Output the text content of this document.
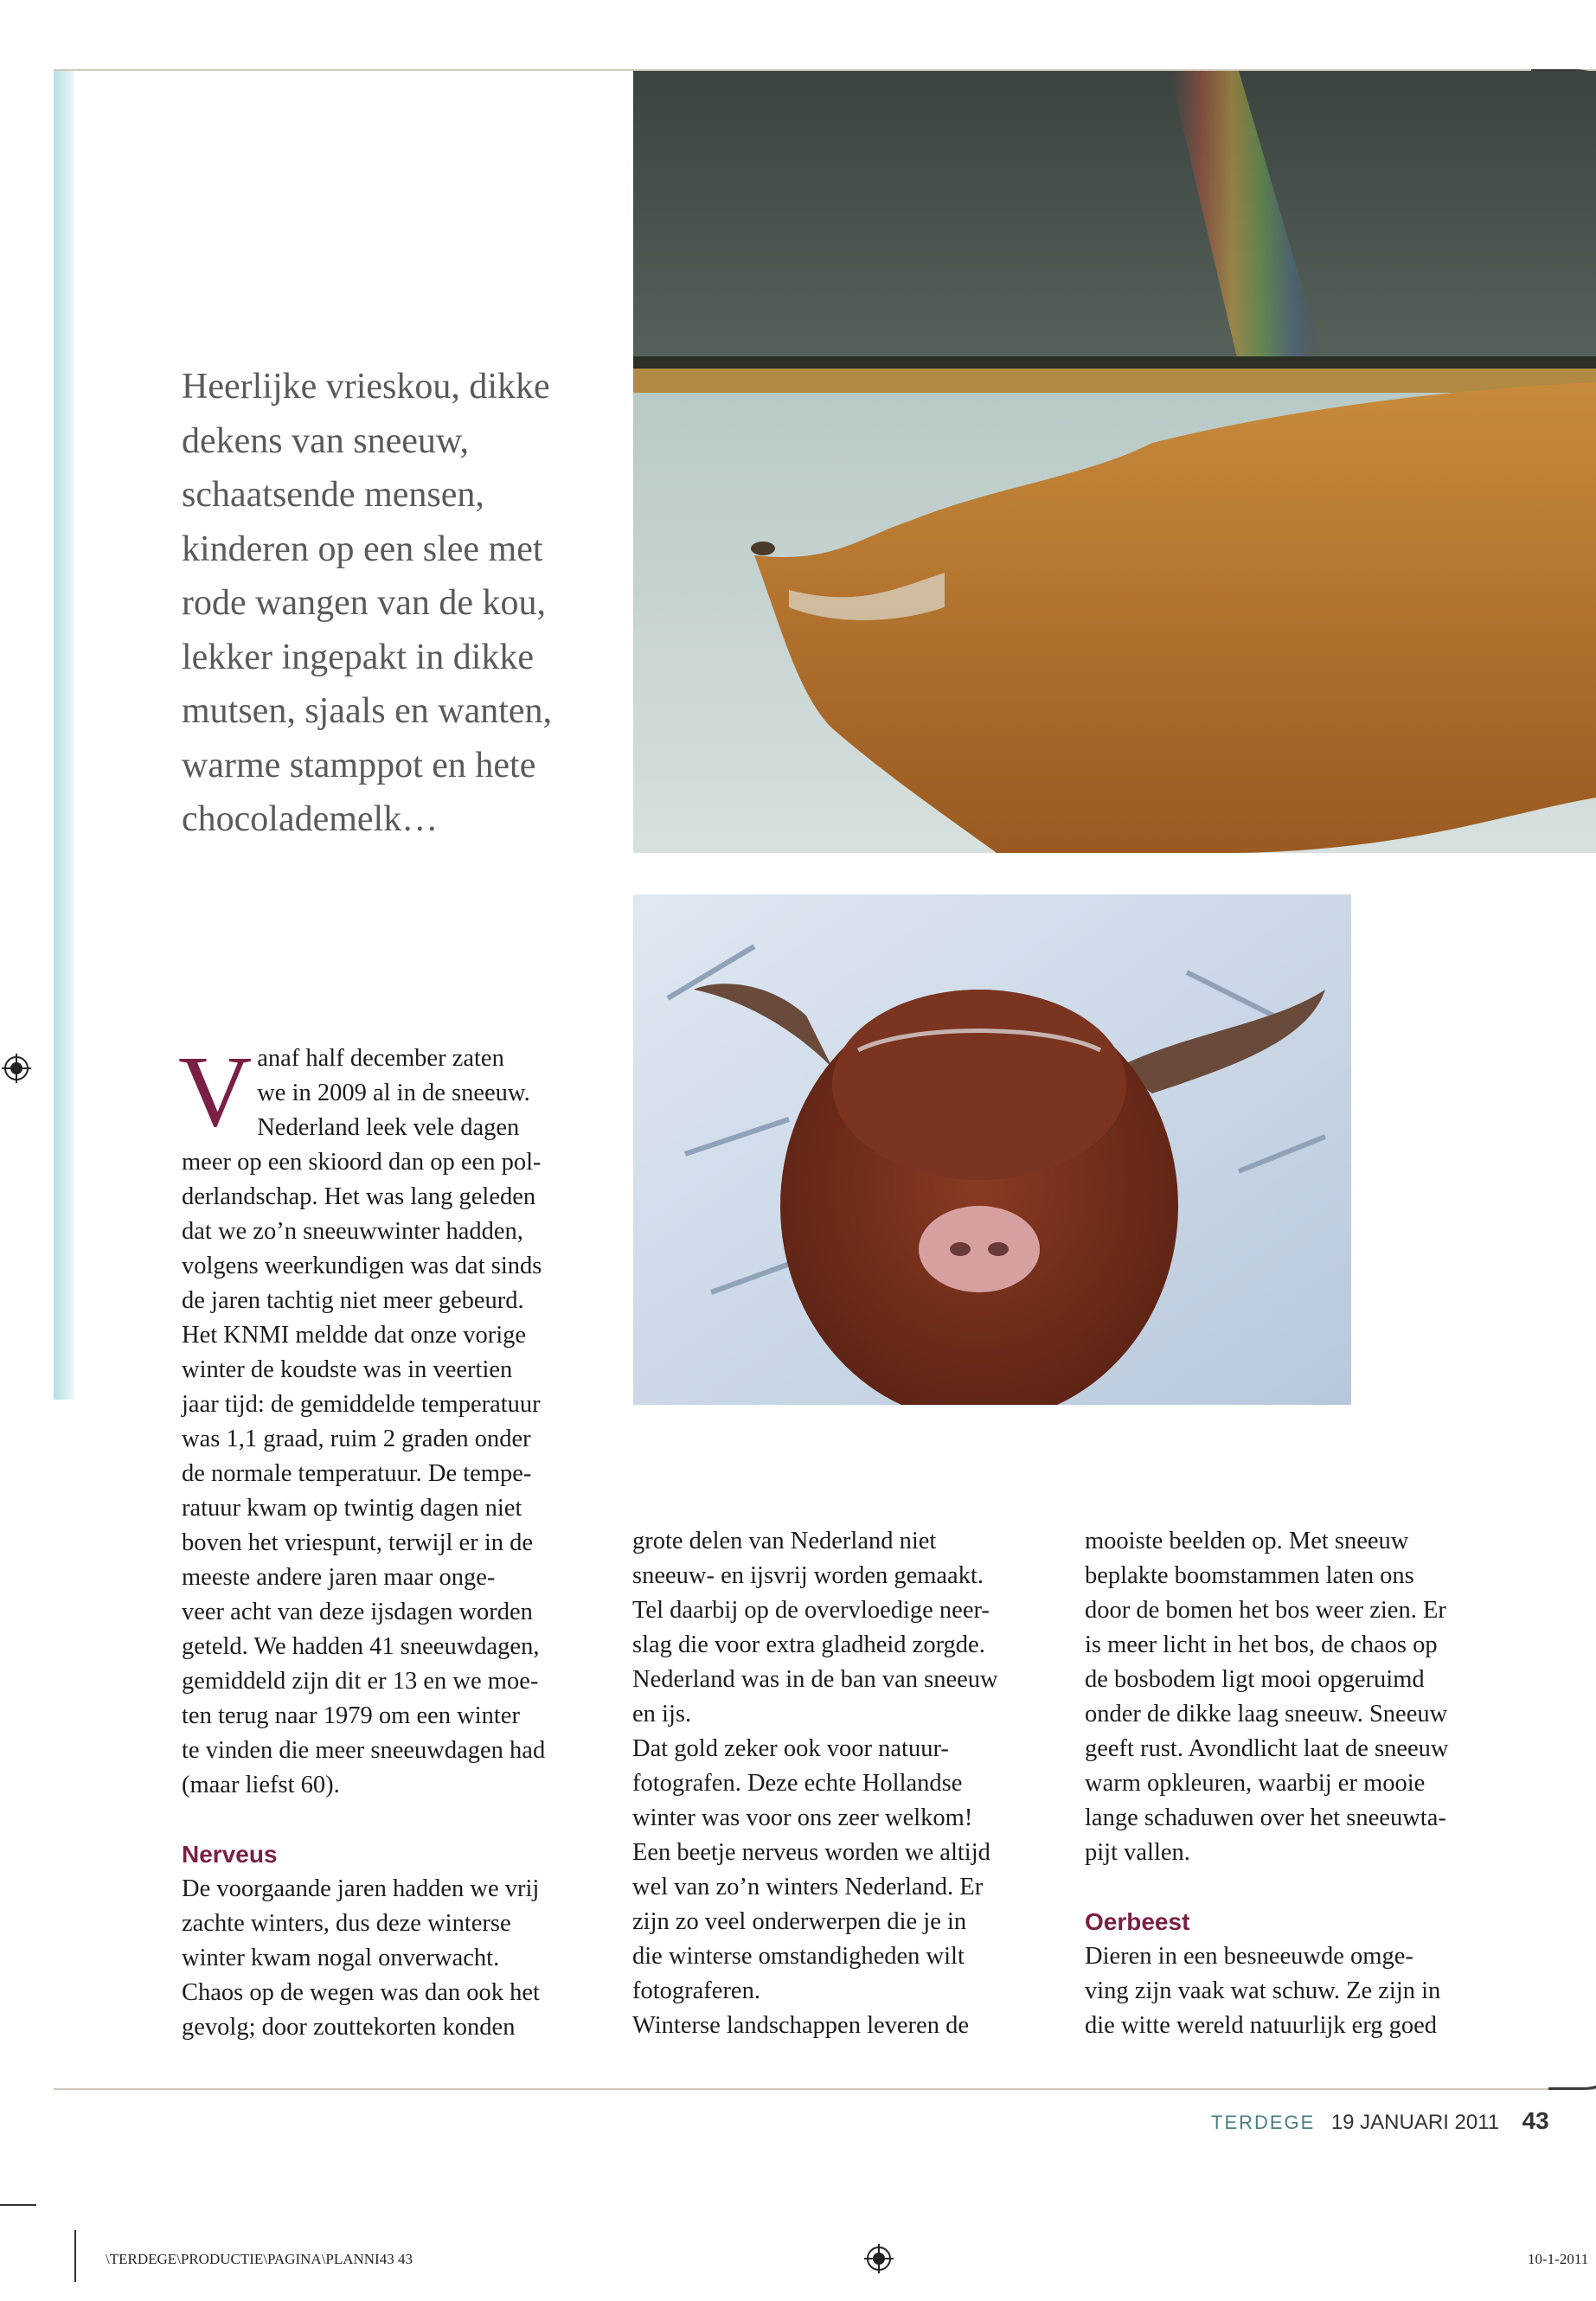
Heerlijke vrieskou, dikke
dekens van sneeuw,
schaatsende mensen,
kinderen op een slee met
rode wangen van de kou,
lekker ingepakt in dikke
mutsen, sjaals en wanten,
warme stamppot en hete
chocolademelk…
V anaf half december zaten

we in 2009 al in de sneeuw.

Nederland leek vele dagen

meer op een skioord dan op een pol-

derlandschap. Het was lang geleden

dat we zo’n sneeuwwinter hadden,

volgens weerkundigen was dat sinds

de jaren tachtig niet meer gebeurd.

Het KNMI meldde dat onze vorige

winter de koudste was in veertien

jaar tijd: de gemiddelde temperatuur

was 1,1 graad, ruim 2 graden onder

de normale temperatuur. De tempe-

ratuur kwam op twintig dagen niet

boven het vriespunt, terwijl er in de

meeste andere jaren maar onge-

veer acht van deze ijsdagen worden

geteld. We hadden 41 sneeuwdagen,

gemiddeld zijn dit er 13 en we moe-

ten terug naar 1979 om een winter

te vinden die meer sneeuwdagen had

(maar liefst 60).

Nerveus

De voorgaande jaren hadden we vrij

zachte winters, dus deze winterse

winter kwam nogal onverwacht.

Chaos op de wegen was dan ook het

gevolg; door zouttekorten konden

grote delen van Nederland niet

sneeuw- en ijsvrij worden gemaakt.

Tel daarbij op de overvloedige neer-

slag die voor extra gladheid zorgde.

Nederland was in de ban van sneeuw

en ijs.

Dat gold zeker ook voor natuur-

fotografen. Deze echte Hollandse

winter was voor ons zeer welkom!

Een beetje nerveus worden we altijd

wel van zo’n winters Nederland. Er

zijn zo veel onderwerpen die je in

die winterse omstandigheden wilt

fotograferen.

Winterse landschappen leveren de

mooiste beelden op. Met sneeuw

beplakte boomstammen laten ons

door de bomen het bos weer zien. Er

is meer licht in het bos, de chaos op

de bosbodem ligt mooi opgeruimd

onder de dikke laag sneeuw. Sneeuw

geeft rust. Avondlicht laat de sneeuw

warm opkleuren, waarbij er mooie

lange schaduwen over het sneeuwta-

pijt vallen.

Oerbeest

Dieren in een besneeuwde omge-

ving zijn vaak wat schuw. Ze zijn in

die witte wereld natuurlijk erg goed

TERDEGE 19 JANUARI 2011 43
\TERDEGE\PRODUCTIE\PAGINA\PLANNI43 43	10-1-2011
